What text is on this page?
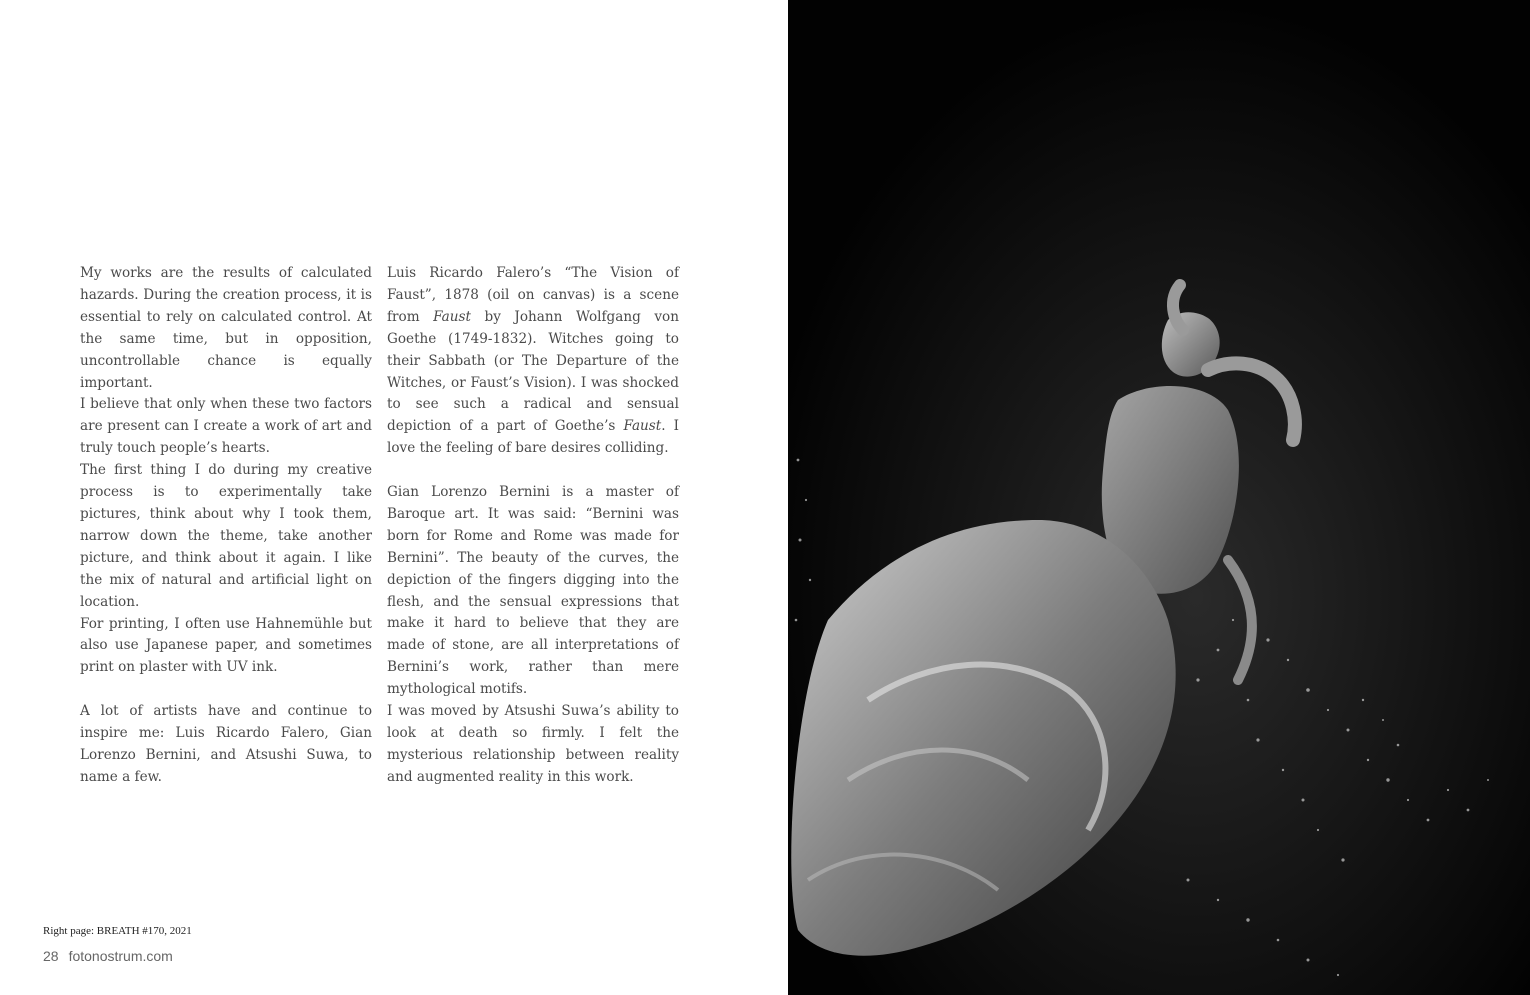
My works are the results of calculated hazards. During the creation process, it is essential to rely on calculated control. At the same time, but in opposition, uncontrollable chance is equally important.

I believe that only when these two factors are present can I create a work of art and truly touch people’s hearts.

The first thing I do during my creative process is to experimentally take pictures, think about why I took them, narrow down the theme, take another picture, and think about it again. I like the mix of natural and artificial light on location.

For printing, I often use Hahnemühle but also use Japanese paper, and sometimes print on plaster with UV ink.

A lot of artists have and continue to inspire me: Luis Ricardo Falero, Gian Lorenzo Bernini, and Atsushi Suwa, to name a few.

Luis Ricardo Falero’s “The Vision of Faust”, 1878 (oil on canvas) is a scene from Faust by Johann Wolfgang von Goethe (1749-1832). Witches going to their Sabbath (or The Departure of the Witches, or Faust’s Vision). I was shocked to see such a radical and sensual depiction of a part of Goethe’s Faust. I love the feeling of bare desires colliding.

Gian Lorenzo Bernini is a master of Baroque art. It was said: “Bernini was born for Rome and Rome was made for Bernini”. The beauty of the curves, the depiction of the fingers digging into the flesh, and the sensual expressions that make it hard to believe that they are made of stone, are all interpretations of Bernini’s work, rather than mere mythological motifs.

I was moved by Atsushi Suwa’s ability to look at death so firmly. I felt the mysterious relationship between reality and augmented reality in this work.

Right page: BREATH #170, 2021
28 fotonostrum.com
